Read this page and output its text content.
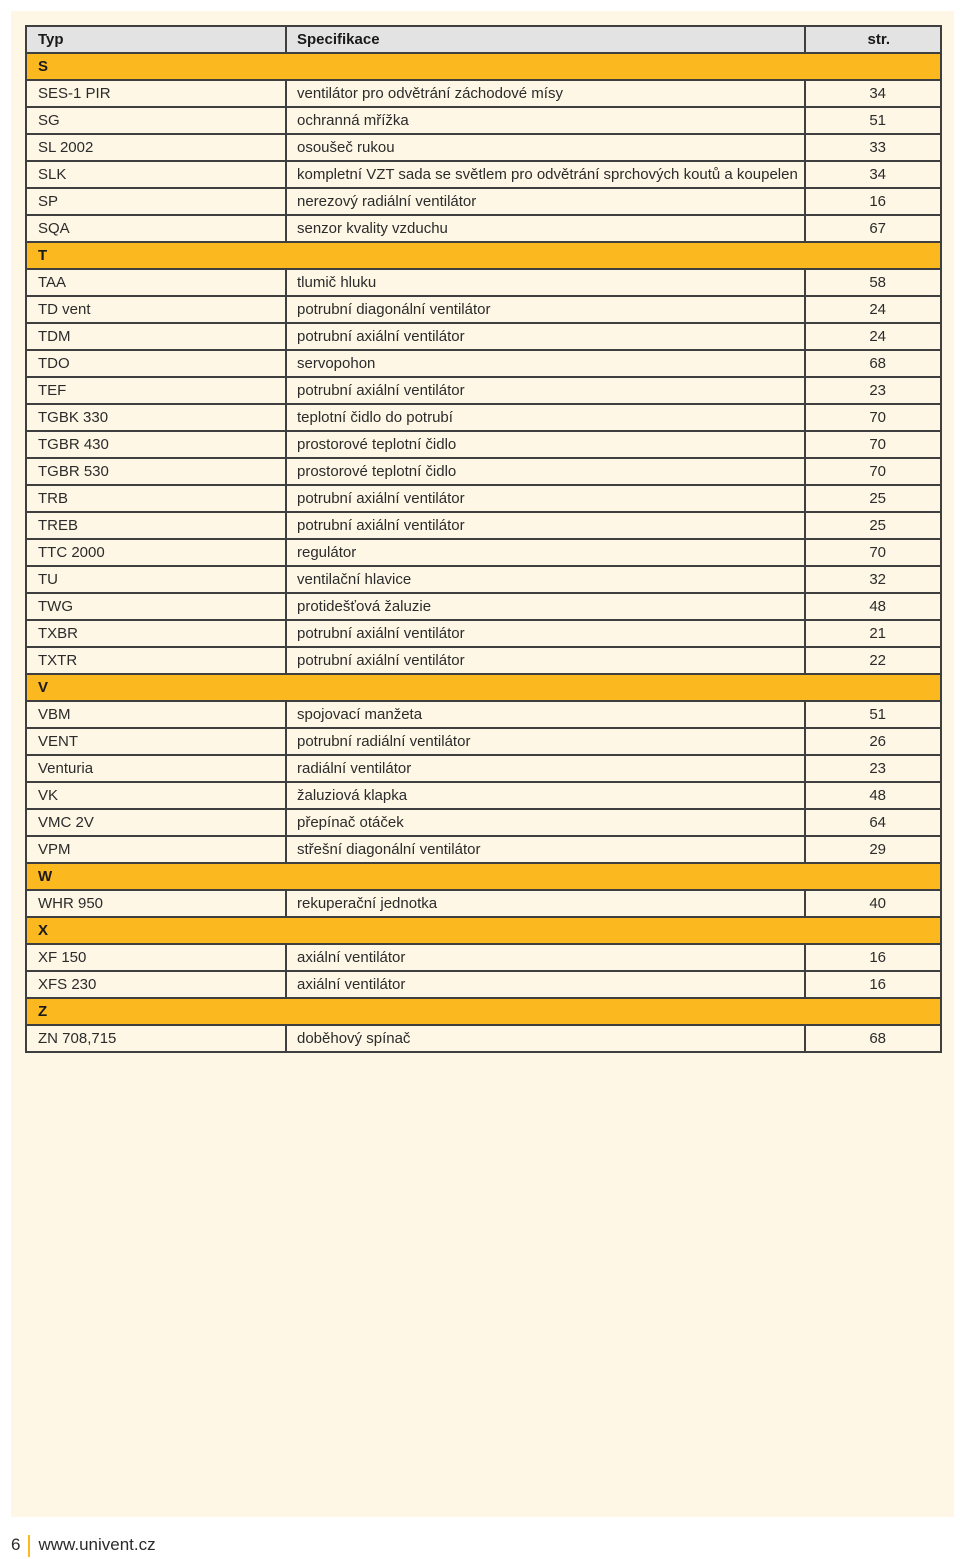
Typ	Specifikace	str.
S		
SES-1 PIR	ventilátor pro odvětrání záchodové mísy	34
SG	ochranná mřížka	51
SL 2002	osoušeč rukou	33
SLK	kompletní VZT sada se světlem pro odvětrání sprchových koutů a koupelen	34
SP	nerezový radiální ventilátor	16
SQA	senzor kvality vzduchu	67
T		
TAA	tlumič hluku	58
TD vent	potrubní diagonální ventilátor	24
TDM	potrubní axiální ventilátor	24
TDO	servopohon	68
TEF	potrubní axiální ventilátor	23
TGBK 330	teplotní čidlo do potrubí	70
TGBR 430	prostorové teplotní čidlo	70
TGBR 530	prostorové teplotní čidlo	70
TRB	potrubní axiální ventilátor	25
TREB	potrubní axiální ventilátor	25
TTC 2000	regulátor	70
TU	ventilační hlavice	32
TWG	protidešťová žaluzie	48
TXBR	potrubní axiální ventilátor	21
TXTR	potrubní axiální ventilátor	22
V		
VBM	spojovací manžeta	51
VENT	potrubní radiální ventilátor	26
Venturia	radiální ventilátor	23
VK	žaluziová klapka	48
VMC 2V	přepínač otáček	64
VPM	střešní diagonální ventilátor	29
W		
WHR 950	rekuperační jednotka	40
X		
XF 150	axiální ventilátor	16
XFS 230	axiální ventilátor	16
Z		
ZN 708,715	doběhový spínač	68
6 www.univent.cz
